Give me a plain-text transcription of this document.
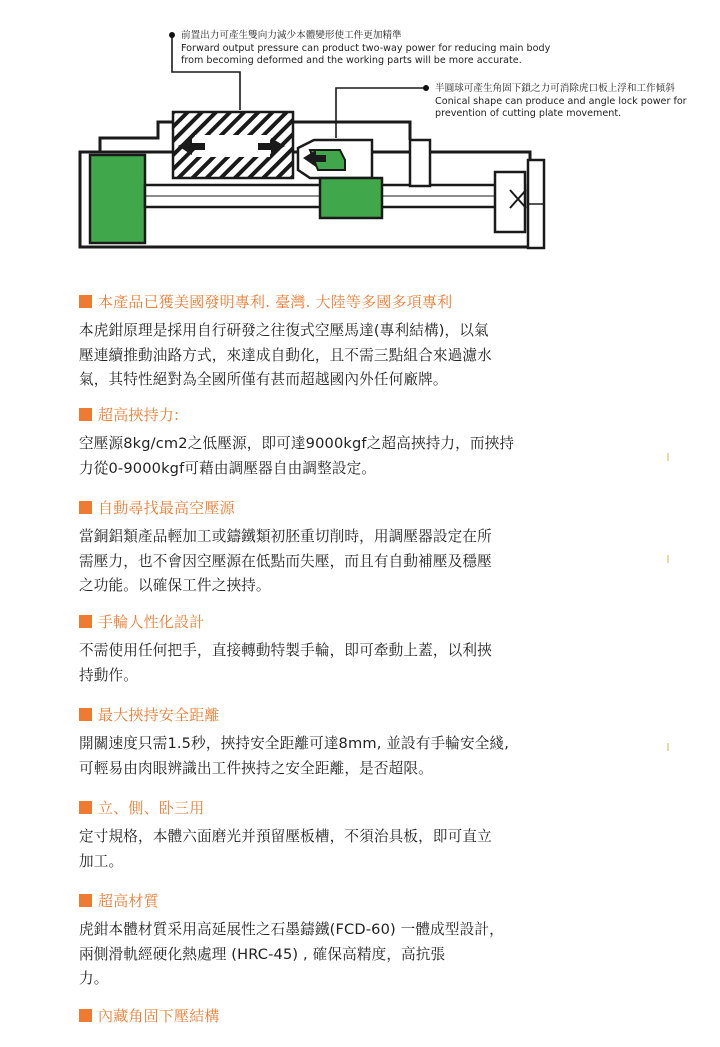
前置出力可產生雙向力減少本體變形使工件更加精準
Forward output pressure can product two-way power for reducing main body
from becoming deformed and the working parts will be more accurate.
半圓球可產生角固下鎖之力可消除虎口板上浮和工作傾斜
Conical shape can produce and angle lock power for
prevention of cutting plate movement.
本產品已獲美國發明專利. 臺灣. 大陸等多國多項專利
本虎鉗原理是採用自行研發之往復式空壓馬達(專利結構)，以氣
壓連續推動油路方式，來達成自動化，且不需三點組合來過濾水
氣，其特性絕對為全國所僅有甚而超越國內外任何廠牌。
超高挾持力:
空壓源8kg/cm2之低壓源，即可達9000kgf之超高挾持力，而挾持
力從0-9000kgf可藉由調壓器自由調整設定。
自動尋找最高空壓源
當銅鋁類產品輕加工或鑄鐵類初胚重切削時，用調壓器設定在所
需壓力，也不會因空壓源在低點而失壓，而且有自動補壓及穩壓
之功能。以確保工件之挾持。
手輪人性化設計
不需使用任何把手，直接轉動特製手輪，即可牽動上蓋，以利挾
持動作。
最大挾持安全距離
開關速度只需1.5秒，挾持安全距離可達8mm, 並設有手輪安全綫,
可輕易由肉眼辨識出工件挾持之安全距離，是否超限。
立、側、卧三用
定寸規格，本體六面磨光并預留壓板槽，不須治具板，即可直立
加工。
超高材質
虎鉗本體材質采用高延展性之石墨鑄鐵(FCD-60) 一體成型設計，
兩側滑軌經硬化熱處理 (HRC-45) , 確保高精度，高抗張
力。
內藏角固下壓結構
